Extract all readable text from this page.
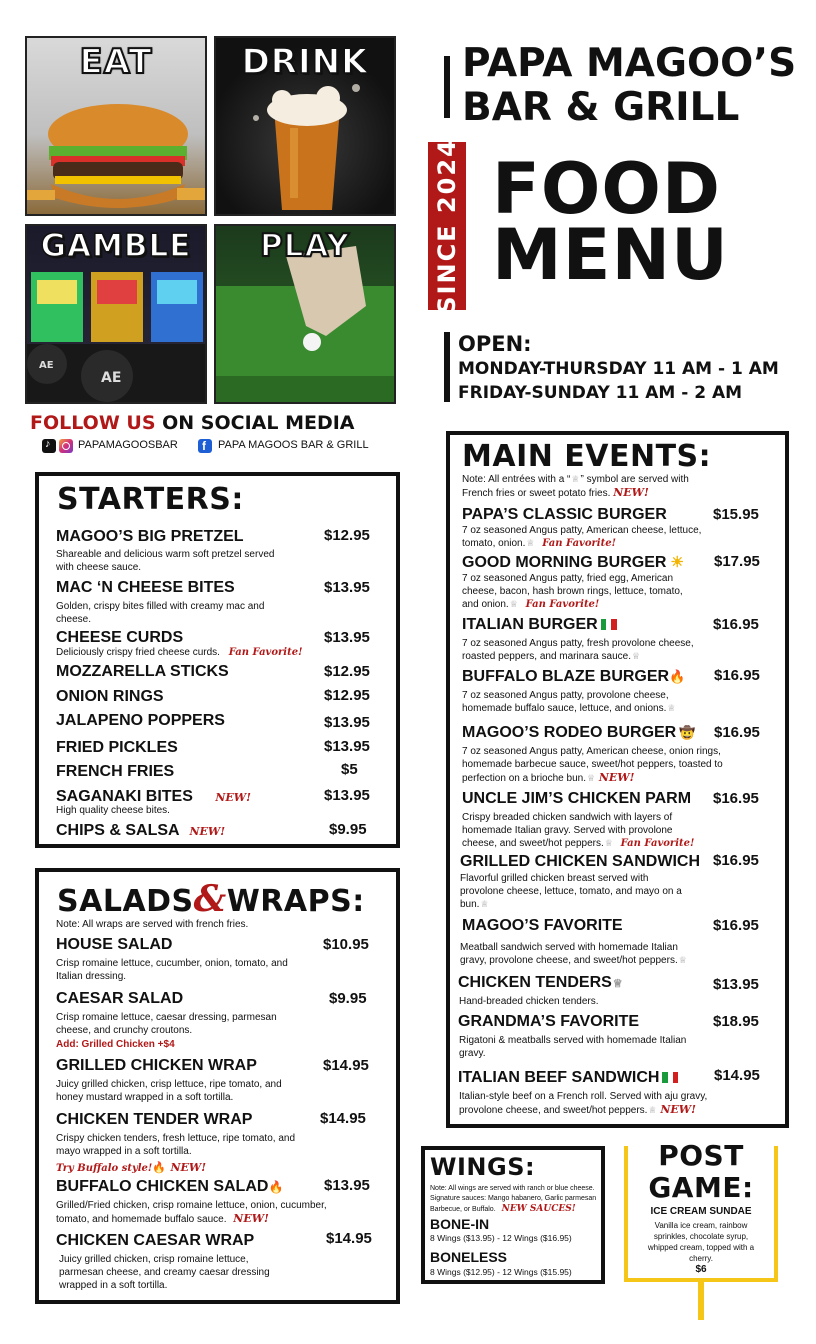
EAT	DRINK
AE
AE
GAMBLE	PLAY
PAPA MAGOO’S
BAR & GRILL
SINCE 2024 FOOD
MENU
OPEN:
MONDAY-THURSDAY 11 AM - 1 AM
FRIDAY-SUNDAY 11 AM - 2 AM
FOLLOW US ON SOCIAL MEDIA
♪	PAPAMAGOOSBAR f PAPA MAGOOS BAR & GRILL
STARTERS:
MAGOO’S BIG PRETZEL	$12.95
Shareable and delicious warm soft pretzel served with cheese sauce.
MAC ‘N CHEESE BITES	$13.95
Golden, crispy bites filled with creamy mac and cheese.
CHEESE CURDS	$13.95
Deliciously crispy fried cheese curds. Fan Favorite!
MOZZARELLA STICKS	$12.95
ONION RINGS	$12.95
JALAPENO POPPERS	$13.95
FRIED PICKLES	$13.95
FRENCH FRIES	$5
SAGANAKI BITES NEW!	$13.95
High quality cheese bites.
CHIPS & SALSA NEW!	$9.95
SALADS&WRAPS:
Note: All wraps are served with french fries.
HOUSE SALAD	$10.95
Crisp romaine lettuce, cucumber, onion, tomato, and Italian dressing.
CAESAR SALAD	$9.95
Crisp romaine lettuce, caesar dressing, parmesan cheese, and crunchy croutons.
Add: Grilled Chicken +$4
GRILLED CHICKEN WRAP	$14.95
Juicy grilled chicken, crisp lettuce, ripe tomato, and honey mustard wrapped in a soft tortilla.
CHICKEN TENDER WRAP	$14.95
Crispy chicken tenders, fresh lettuce, ripe tomato, and mayo wrapped in a soft tortilla.
Try Buffalo style!🔥 NEW!
BUFFALO CHICKEN SALAD🔥	$13.95
Grilled/Fried chicken, crisp romaine lettuce, onion, cucumber, tomato, and homemade buffalo sauce. NEW!
CHICKEN CAESAR WRAP	$14.95
Juicy grilled chicken, crisp romaine lettuce, parmesan cheese, and creamy caesar dressing wrapped in a soft tortilla.
MAIN EVENTS:
Note: All entrées with a “♕” symbol are served with French fries or sweet potato fries. NEW!
PAPA’S CLASSIC BURGER	$15.95
7 oz seasoned Angus patty, American cheese, lettuce, tomato, onion.♕ Fan Favorite!
GOOD MORNING BURGER ☀ $17.95
7 oz seasoned Angus patty, fried egg, American cheese, bacon, hash brown rings, lettuce, tomato, and onion.♕ Fan Favorite!
ITALIAN BURGER	$16.95
7 oz seasoned Angus patty, fresh provolone cheese, roasted peppers, and marinara sauce.♕
BUFFALO BLAZE BURGER🔥 $16.95
7 oz seasoned Angus patty, provolone cheese, homemade buffalo sauce, lettuce, and onions.♕
MAGOO’S RODEO BURGER 🤠 $16.95
7 oz seasoned Angus patty, American cheese, onion rings, homemade barbecue sauce, sweet/hot peppers, toasted to perfection on a brioche bun.♕ NEW!
UNCLE JIM’S CHICKEN PARM $16.95
Crispy breaded chicken sandwich with layers of homemade Italian gravy. Served with provolone cheese, and sweet/hot peppers.♕ Fan Favorite!
GRILLED CHICKEN SANDWICH $16.95
Flavorful grilled chicken breast served with provolone cheese, lettuce, tomato, and mayo on a bun.♕
MAGOO’S FAVORITE	$16.95
Meatball sandwich served with homemade Italian gravy, provolone cheese, and sweet/hot peppers.♕
CHICKEN TENDERS♕	$13.95
Hand-breaded chicken tenders.
GRANDMA’S FAVORITE	$18.95
Rigatoni & meatballs served with homemade Italian gravy.
ITALIAN BEEF SANDWICH	$14.95
Italian-style beef on a French roll. Served with aju gravy, provolone cheese, and sweet/hot peppers.♕ NEW!
WINGS:
Note: All wings are served with ranch or blue cheese. Signature sauces: Mango habanero, Garlic parmesan Barbecue, or Buffalo. NEW SAUCES!
BONE-IN
8 Wings ($13.95) - 12 Wings ($16.95)
BONELESS
8 Wings ($12.95) - 12 Wings ($15.95)
POST
GAME:
ICE CREAM SUNDAE
Vanilla ice cream, rainbow sprinkles, chocolate syrup, whipped cream, topped with a cherry.
$6
